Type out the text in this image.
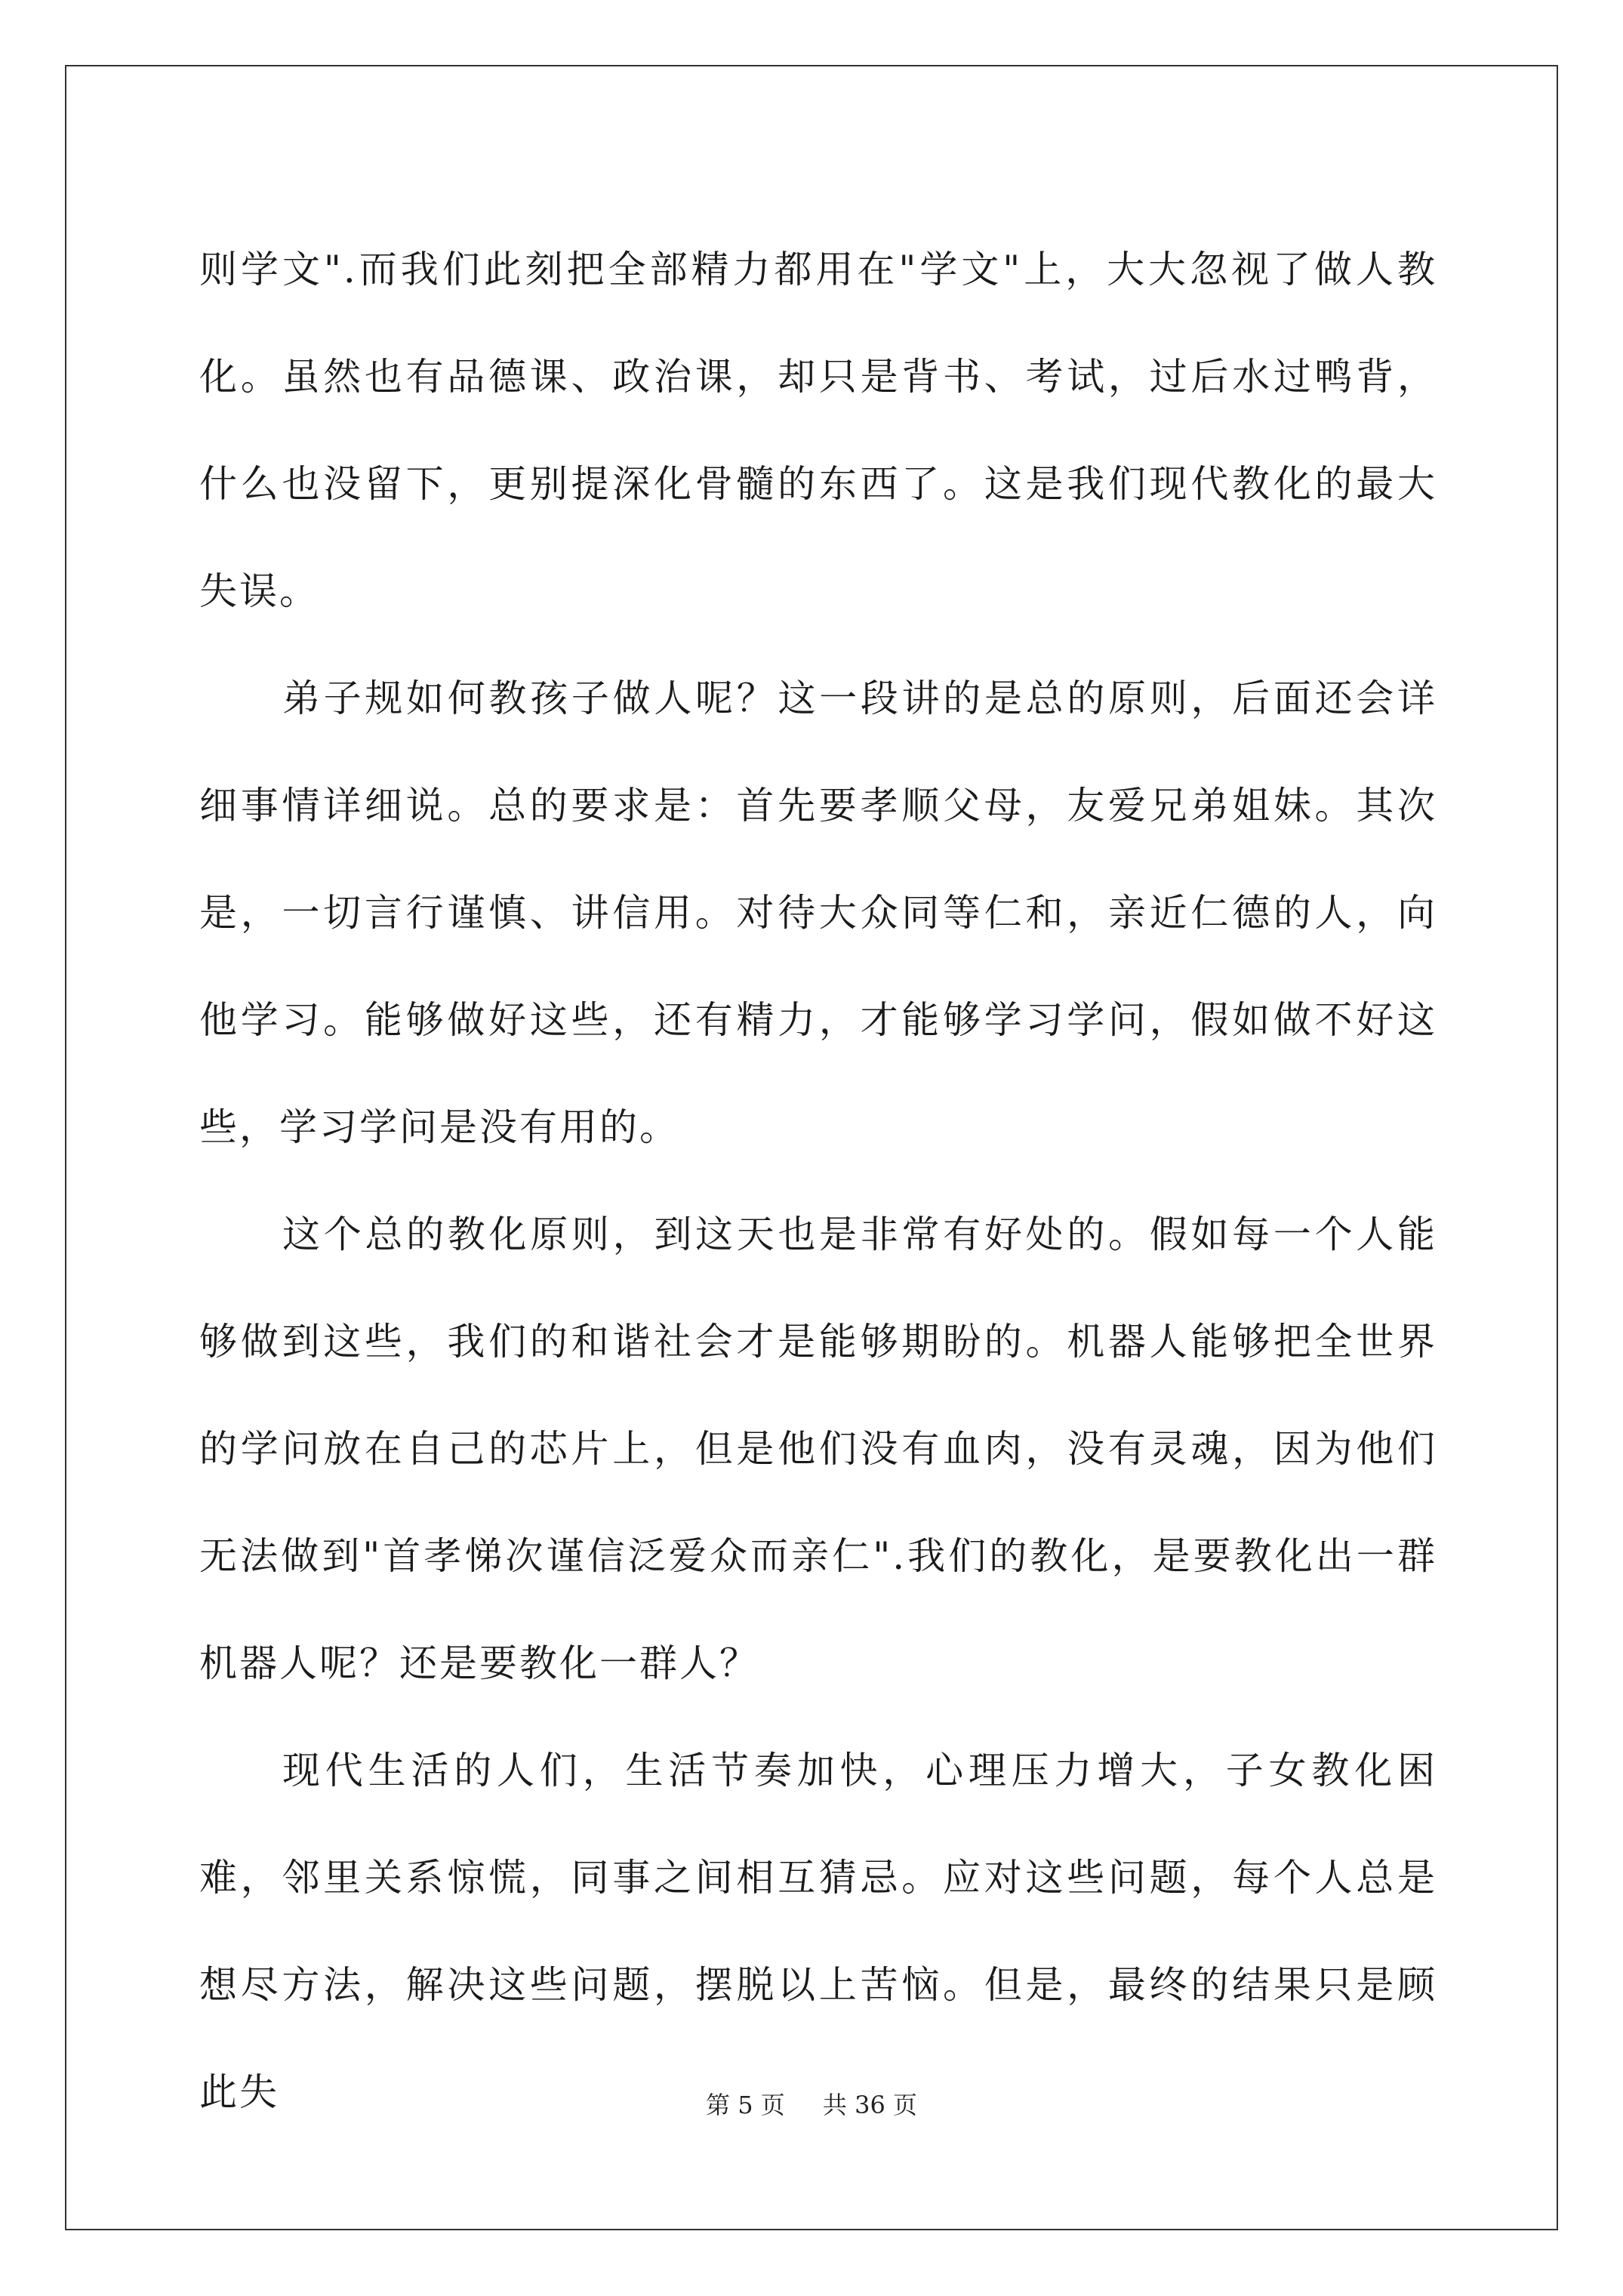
则学文".而我们此刻把全部精力都用在"学文"上，大大忽视了做人教化。虽然也有品德课、政治课，却只是背书、考试，过后水过鸭背，什么也没留下，更别提深化骨髓的东西了。这是我们现代教化的最大失误。

弟子规如何教孩子做人呢？这一段讲的是总的原则，后面还会详细事情详细说。总的要求是：首先要孝顺父母，友爱兄弟姐妹。其次是，一切言行谨慎、讲信用。对待大众同等仁和，亲近仁德的人，向他学习。能够做好这些，还有精力，才能够学习学问，假如做不好这些，学习学问是没有用的。

这个总的教化原则，到这天也是非常有好处的。假如每一个人能够做到这些，我们的和谐社会才是能够期盼的。机器人能够把全世界的学问放在自己的芯片上，但是他们没有血肉，没有灵魂，因为他们无法做到"首孝悌次谨信泛爱众而亲仁".我们的教化，是要教化出一群机器人呢？还是要教化一群人？

现代生活的人们，生活节奏加快，心理压力增大，子女教化困难，邻里关系惊慌，同事之间相互猜忌。应对这些问题，每个人总是想尽方法，解决这些问题，摆脱以上苦恼。但是，最终的结果只是顾此失	第 5 页 共 36 页
